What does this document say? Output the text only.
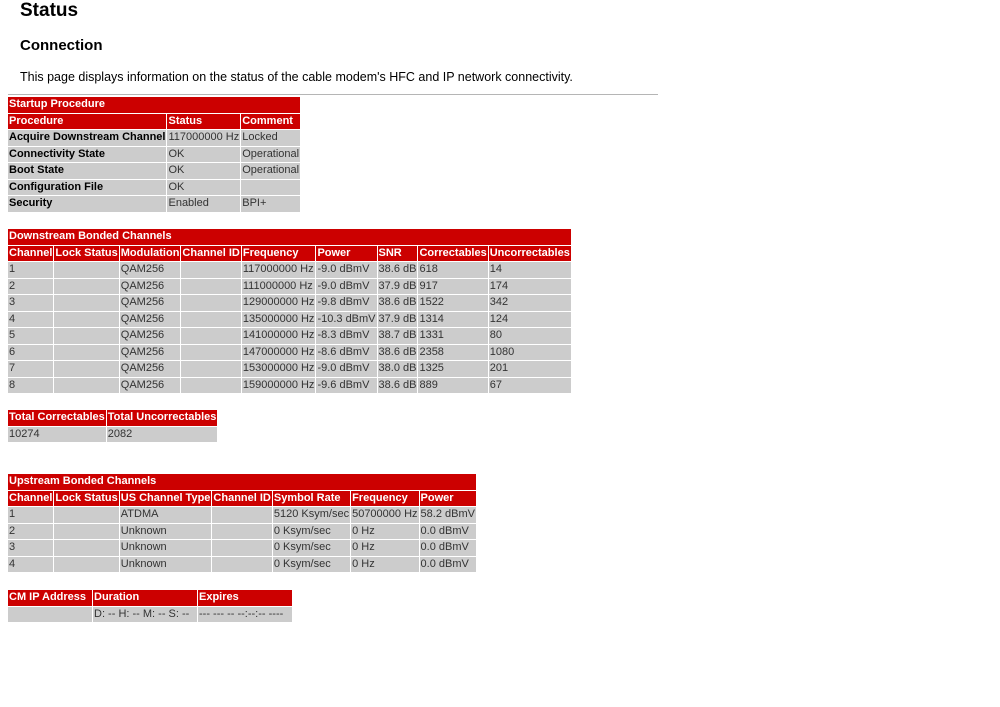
Status
Connection

This page displays information on the status of the cable modem's HFC and IP network connectivity.

Startup Procedure		
Procedure	Status	Comment
Acquire Downstream Channel	117000000 Hz	Locked
Connectivity State	OK	Operational
Boot State	OK	Operational
Configuration File	OK	
Security	Enabled	BPI+
Downstream Bonded Channels								
Channel	Lock Status	Modulation	Channel ID	Frequency	Power	SNR	Correctables	Uncorrectables
1		QAM256		117000000 Hz	-9.0 dBmV	38.6 dB	618	14
2		QAM256		111000000 Hz	-9.0 dBmV	37.9 dB	917	174
3		QAM256		129000000 Hz	-9.8 dBmV	38.6 dB	1522	342
4		QAM256		135000000 Hz	-10.3 dBmV	37.9 dB	1314	124
5		QAM256		141000000 Hz	-8.3 dBmV	38.7 dB	1331	80
6		QAM256		147000000 Hz	-8.6 dBmV	38.6 dB	2358	1080
7		QAM256		153000000 Hz	-9.0 dBmV	38.0 dB	1325	201
8		QAM256		159000000 Hz	-9.6 dBmV	38.6 dB	889	67
Total Correctables	Total Uncorrectables
10274	2082
Upstream Bonded Channels						
Channel	Lock Status	US Channel Type	Channel ID	Symbol Rate	Frequency	Power
1		ATDMA		5120 Ksym/sec	50700000 Hz	58.2 dBmV
2		Unknown		0 Ksym/sec	0 Hz	0.0 dBmV
3		Unknown		0 Ksym/sec	0 Hz	0.0 dBmV
4		Unknown		0 Ksym/sec	0 Hz	0.0 dBmV
CM IP Address	Duration	Expires
	D: -- H: -- M: -- S: --	--- --- -- --:--:-- ----
